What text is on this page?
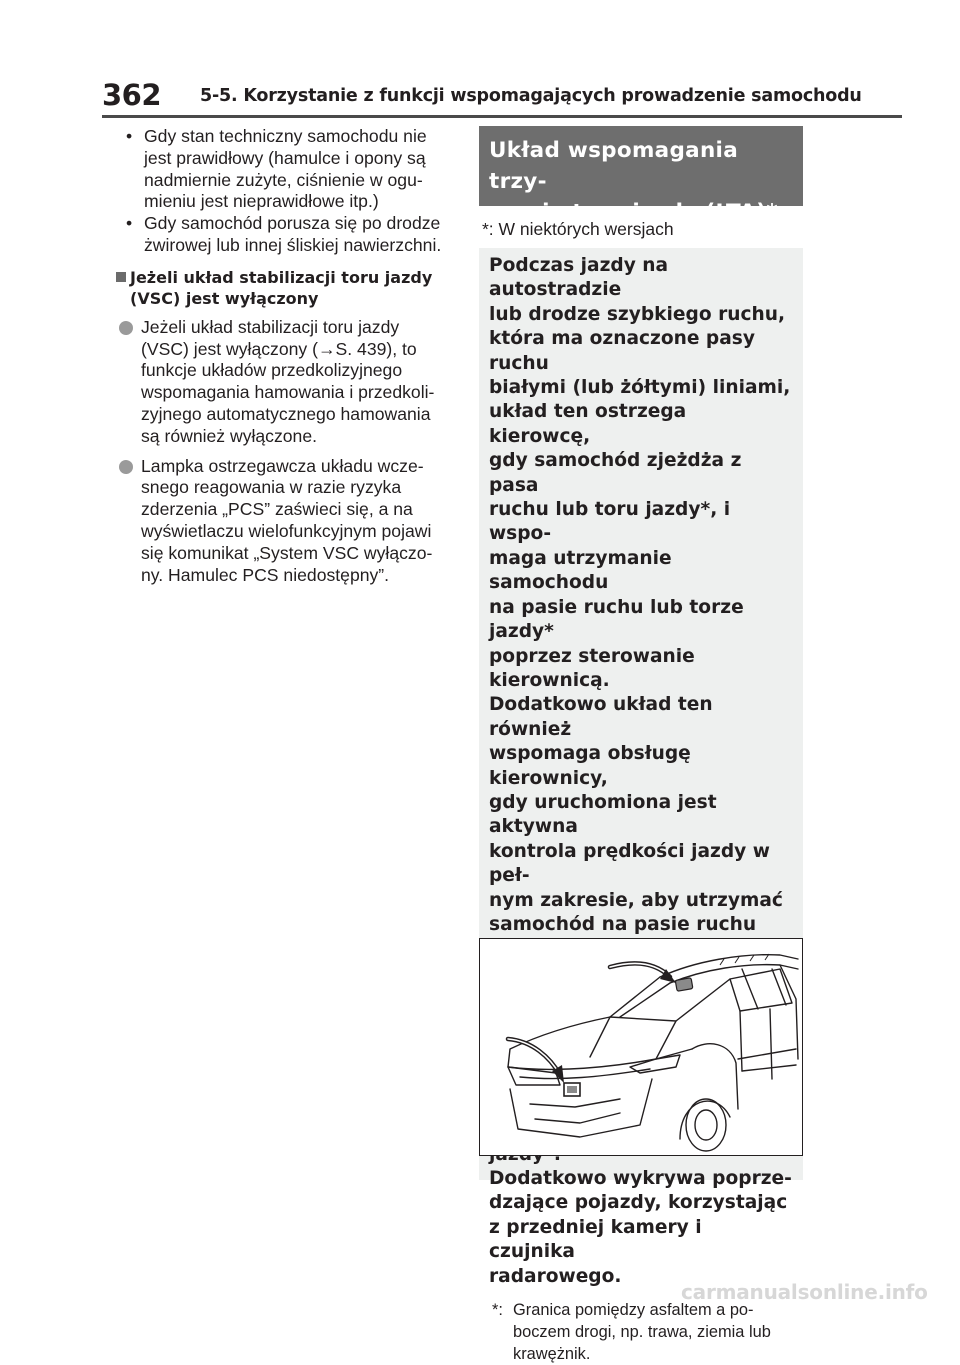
362 5-5. Korzystanie z funkcji wspomagających prowadzenie samochodu
• Gdy stan techniczny samochodu nie
jest prawidłowy (hamulce i opony są
nadmiernie zużyte, ciśnienie w ogu-
mieniu jest nieprawidłowe itp.)
• Gdy samochód porusza się po drodze
żwirowej lub innej śliskiej nawierzchni.
Jeżeli układ stabilizacji toru jazdy
(VSC) jest wyłączony
Jeżeli układ stabilizacji toru jazdy
(VSC) jest wyłączony (→S. 439), to
funkcje układów przedkolizyjnego
wspomagania hamowania i przedkoli-
zyjnego automatycznego hamowania
są również wyłączone.
Lampka ostrzegawcza układu wcze-
snego reagowania w razie ryzyka
zderzenia „PCS” zaświeci się, a na
wyświetlaczu wielofunkcyjnym pojawi
się komunikat „System VSC wyłączo-
ny. Hamulec PCS niedostępny”.
Układ wspomagania trzy-
mania toru jazdy (LTA)*
*: W niektórych wersjach
Podczas jazdy na autostradzie
lub drodze szybkiego ruchu,
która ma oznaczone pasy ruchu
białymi (lub żółtymi) liniami,
układ ten ostrzega kierowcę,
gdy samochód zjeżdża z pasa
ruchu lub toru jazdy*, i wspo-
maga utrzymanie samochodu
na pasie ruchu lub torze jazdy*
poprzez sterowanie kierownicą.
Dodatkowo układ ten również
wspomaga obsługę kierownicy,
gdy uruchomiona jest aktywna
kontrola prędkości jazdy w peł-
nym zakresie, aby utrzymać
samochód na pasie ruchu
Dodatkowo wykrywa poprze-
dzające pojazdy, korzystając
z przedniej kamery i czujnika
radarowego.
*: Granica pomiędzy asfaltem a po-
boczem drogi, np. trawa, ziemia lub
krawężnik.
carmanualsonline.info
